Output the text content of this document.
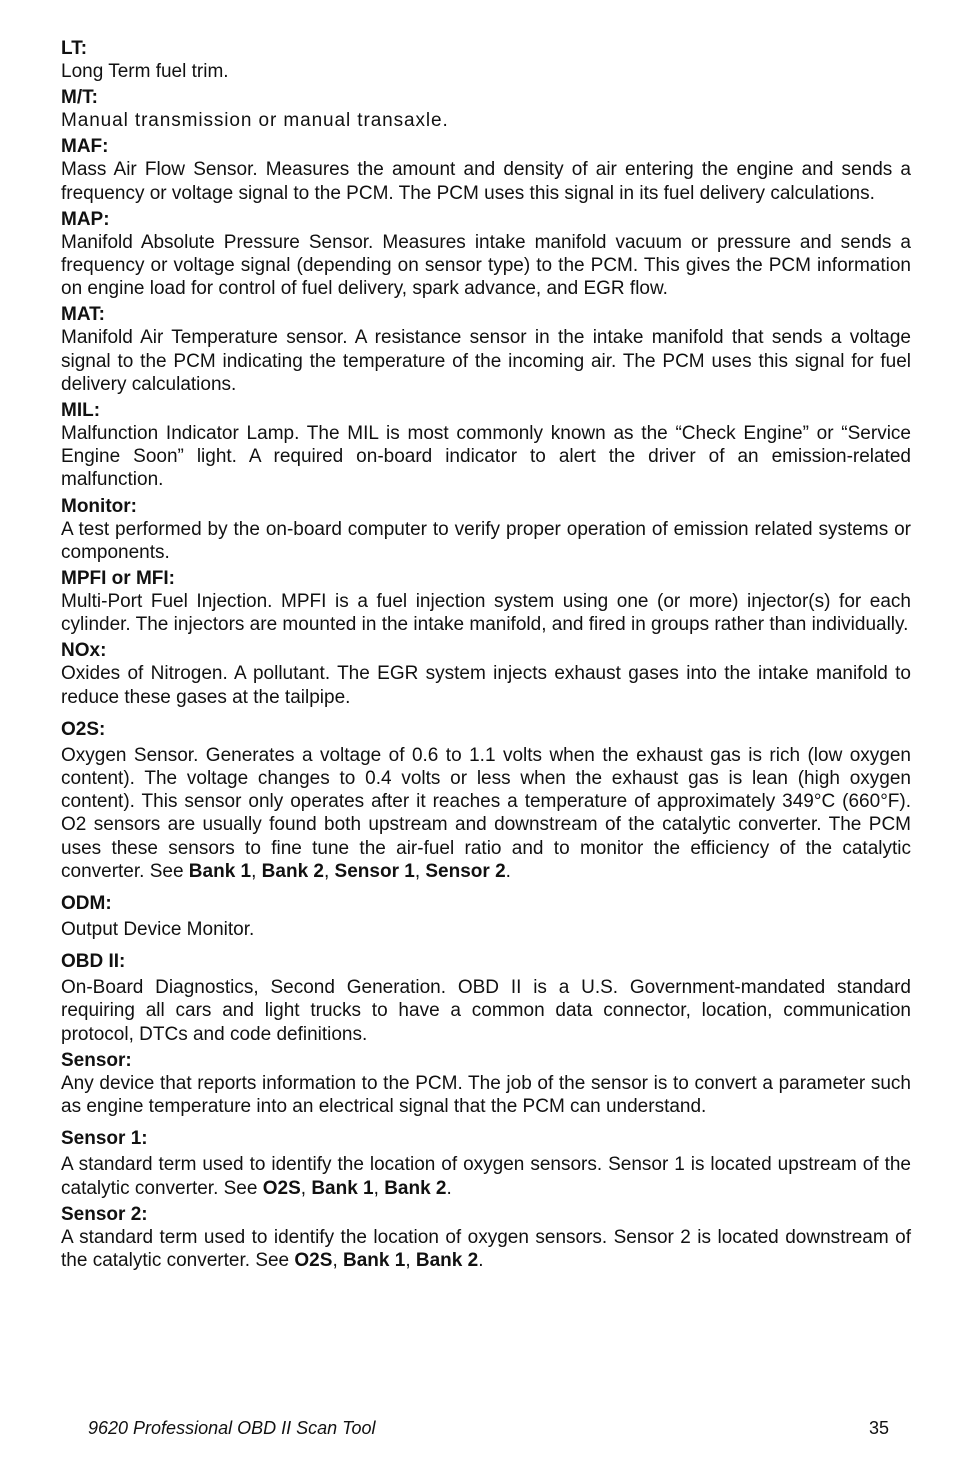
LT:

Long Term fuel trim.

M/T:

Manual transmission or manual transaxle.

MAF:

Mass Air Flow Sensor. Measures the amount and density of air entering the engine and sends a frequency or voltage signal to the PCM. The PCM uses this signal in its fuel delivery calculations.

MAP:

Manifold Absolute Pressure Sensor. Measures intake manifold vacuum or pressure and sends a frequency or voltage signal (depending on sensor type) to the PCM. This gives the PCM information on engine load for control of fuel delivery, spark advance, and EGR flow.

MAT:

Manifold Air Temperature sensor. A resistance sensor in the intake manifold that sends a voltage signal to the PCM indicating the temperature of the incoming air. The PCM uses this signal for fuel delivery calculations.

MIL:

Malfunction Indicator Lamp. The MIL is most commonly known as the “Check Engine” or “Service Engine Soon” light. A required on-board indicator to alert the driver of an emission-related malfunction.

Monitor:

A test performed by the on-board computer to verify proper operation of emission related systems or components.

MPFI or MFI:

Multi-Port Fuel Injection. MPFI is a fuel injection system using one (or more) injector(s) for each cylinder. The injectors are mounted in the intake manifold, and fired in groups rather than individually.

NOx:

Oxides of Nitrogen. A pollutant. The EGR system injects exhaust gases into the intake manifold to reduce these gases at the tailpipe.

O2S:

Oxygen Sensor. Generates a voltage of 0.6 to 1.1 volts when the exhaust gas is rich (low oxygen content). The voltage changes to 0.4 volts or less when the exhaust gas is lean (high oxygen content). This sensor only operates after it reaches a temperature of approximately 349°C (660°F). O2 sensors are usually found both upstream and downstream of the catalytic converter. The PCM uses these sensors to fine tune the air-fuel ratio and to monitor the efficiency of the catalytic converter. See Bank 1, Bank 2, Sensor 1, Sensor 2.

ODM:

Output Device Monitor.

OBD II:

On-Board Diagnostics, Second Generation. OBD II is a U.S. Government-mandated standard requiring all cars and light trucks to have a common data connector, location, communication protocol, DTCs and code definitions.

Sensor:

Any device that reports information to the PCM. The job of the sensor is to convert a parameter such as engine temperature into an electrical signal that the PCM can understand.

Sensor 1:

A standard term used to identify the location of oxygen sensors. Sensor 1 is located upstream of the catalytic converter. See O2S, Bank 1, Bank 2.

Sensor 2:

A standard term used to identify the location of oxygen sensors. Sensor 2 is located downstream of the catalytic converter. See O2S, Bank 1, Bank 2.

9620 Professional OBD II Scan Tool	35
